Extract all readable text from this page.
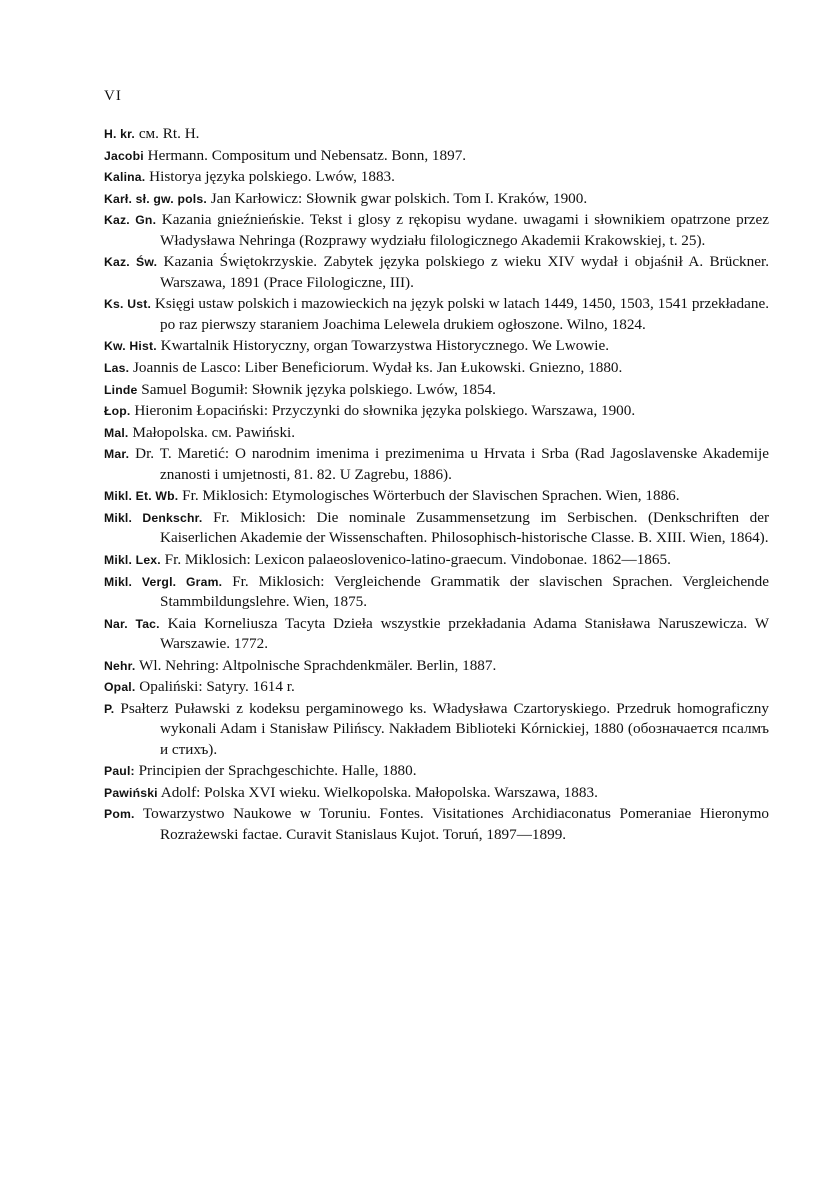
VI
H. kr. см. Rt. H.
Jacobi Hermann. Compositum und Nebensatz. Bonn, 1897.
Kalina. Historya języka polskiego. Lwów, 1883.
Karł. sł. gw. pols. Jan Karłowicz: Słownik gwar polskich. Tom I. Kraków, 1900.
Kaz. Gn. Kazania gnieźnieńskie. Tekst i glosy z rękopisu wydane. uwagami i słownikiem opatrzone przez Władysława Nehringa (Rozprawy wydziału filologicznego Akademii Krakowskiej, t. 25).
Kaz. Św. Kazania Świętokrzyskie. Zabytek języka polskiego z wieku XIV wydał i objaśnił A. Brückner. Warszawa, 1891 (Prace Filologiczne, III).
Ks. Ust. Księgi ustaw polskich i mazowieckich na język polski w latach 1449, 1450, 1503, 1541 przekładane. po raz pierwszy staraniem Joachima Lelewela drukiem ogłoszone. Wilno, 1824.
Kw. Hist. Kwartalnik Historyczny, organ Towarzystwa Historycznego. We Lwowie.
Las. Joannis de Lasco: Liber Beneficiorum. Wydał ks. Jan Łukowski. Gniezno, 1880.
Linde Samuel Bogumił: Słownik języka polskiego. Lwów, 1854.
Łop. Hieronim Łopaciński: Przyczynki do słownika języka polskiego. Warszawa, 1900.
Mal. Małopolska. см. Pawiński.
Mar. Dr. T. Maretić: O narodnim imenima i prezimenima u Hrvata i Srba (Rad Jagoslavenske Akademije znanosti i umjetnosti, 81. 82. U Zagrebu, 1886).
Mikl. Et. Wb. Fr. Miklosich: Etymologisches Wörterbuch der Slavischen Sprachen. Wien, 1886.
Mikl. Denkschr. Fr. Miklosich: Die nominale Zusammensetzung im Serbischen. (Denkschriften der Kaiserlichen Akademie der Wissenschaften. Philosophisch-historische Classe. B. XIII. Wien, 1864).
Mikl. Lex. Fr. Miklosich: Lexicon palaeoslovenico-latino-graecum. Vindobonae. 1862—1865.
Mikl. Vergl. Gram. Fr. Miklosich: Vergleichende Grammatik der slavischen Sprachen. Vergleichende Stammbildungslehre. Wien, 1875.
Nar. Tac. Kaia Korneliusza Tacyta Dzieła wszystkie przekładania Adama Stanisława Naruszewicza. W Warszawie. 1772.
Nehr. Wl. Nehring: Altpolnische Sprachdenkmäler. Berlin, 1887.
Opal. Opaliński: Satyry. 1614 r.
P. Psałterz Puławski z kodeksu pergaminowego ks. Władysława Czartoryskiego. Przedruk homograficzny wykonali Adam i Stanisław Pilińscy. Nakładem Biblioteki Kórnickiej, 1880 (обозначается псалмъ и стихъ).
Paul: Principien der Sprachgeschichte. Halle, 1880.
Pawiński Adolf: Polska XVI wieku. Wielkopolska. Małopolska. Warszawa, 1883.
Pom. Towarzystwo Naukowe w Toruniu. Fontes. Visitationes Archidiaconatus Pomeraniae Hieronymo Rozrażewski factae. Curavit Stanislaus Kujot. Toruń, 1897—1899.
